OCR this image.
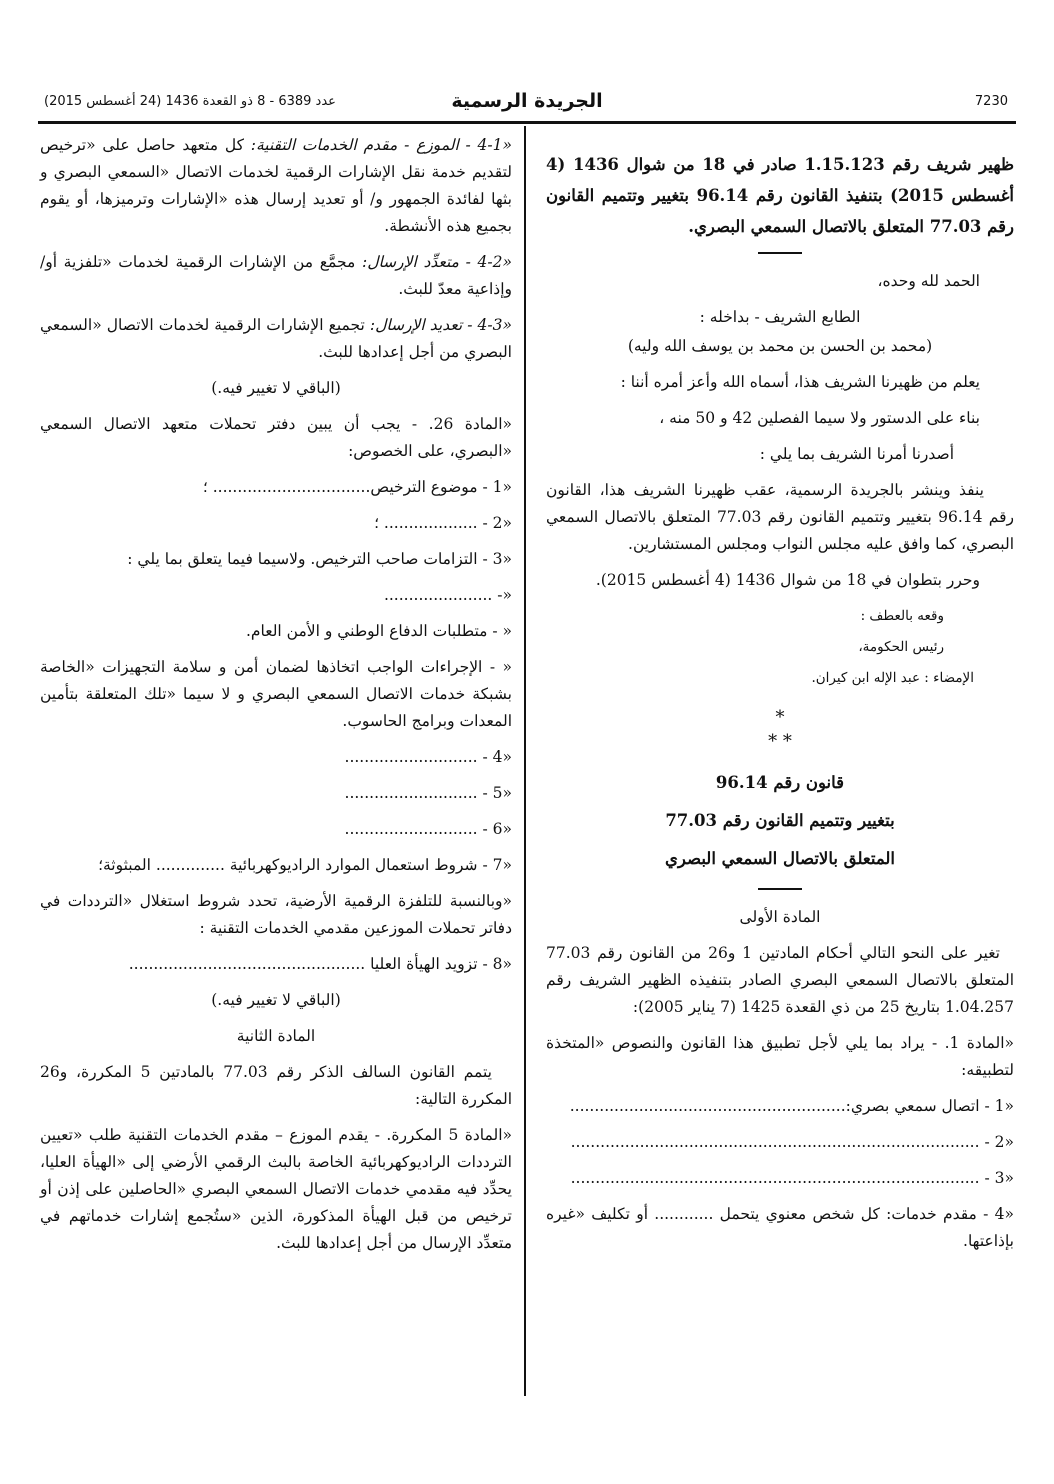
عدد 6389 - 8 ذو القعدة 1436 (24 أغسطس 2015)	الجريدة الرسمية	7230

ظهير شريف رقم 1.15.123 صادر في 18 من شوال 1436 (4 أغسطس 2015) بتنفيذ القانون رقم 96.14 بتغيير وتتميم القانون رقم 77.03 المتعلق بالاتصال السمعي البصري.

الحمد لله وحده،

الطابع الشريف - بداخله :

(محمد بن الحسن بن محمد بن يوسف الله وليه)

يعلم من ظهيرنا الشريف هذا، أسماه الله وأعز أمره أننا :

بناء على الدستور ولا سيما الفصلين 42 و 50 منه ،

أصدرنا أمرنا الشريف بما يلي :

ينفذ وينشر بالجريدة الرسمية، عقب ظهيرنا الشريف هذا، القانون رقم 96.14 بتغيير وتتميم القانون رقم 77.03 المتعلق بالاتصال السمعي البصري، كما وافق عليه مجلس النواب ومجلس المستشارين.

وحرر بتطوان في 18 من شوال 1436 (4 أغسطس 2015).

وقعه بالعطف :

رئيس الحكومة،

الإمضاء : عبد الإله ابن كيران.

*
* *
قانون رقم 96.14
بتغيير وتتميم القانون رقم 77.03
المتعلق بالاتصال السمعي البصري

المادة الأولى

تغير على النحو التالي أحكام المادتين 1 و26 من القانون رقم 77.03 المتعلق بالاتصال السمعي البصري الصادر بتنفيذه الظهير الشريف رقم 1.04.257 بتاريخ 25 من ذي القعدة 1425 (7 يناير 2005):

«المادة 1. - يراد بما يلي لأجل تطبيق هذا القانون والنصوص «المتخذة لتطبيقه:

«1 - اتصال سمعي بصري:........................................................

«2 - ...................................................................................

«3 - ...................................................................................

«4 - مقدم خدمات: كل شخص معنوي يتحمل ............ أو تكليف «غيره بإذاعتها.

«4-1 - الموزع - مقدم الخدمات التقنية: كل متعهد حاصل على «ترخيص لتقديم خدمة نقل الإشارات الرقمية لخدمات الاتصال «السمعي البصري و بثها لفائدة الجمهور و/ أو تعديد إرسال هذه «الإشارات وترميزها، أو يقوم بجميع هذه الأنشطة.

«4-2 - متعدِّد الإرسال: مجمَّع من الإشارات الرقمية لخدمات «تلفزية أو/ وإذاعية معدّ للبث.

«4-3 - تعديد الإرسال: تجميع الإشارات الرقمية لخدمات الاتصال «السمعي البصري من أجل إعدادها للبث.

(الباقي لا تغيير فيه.)

«المادة 26. - يجب أن يبين دفتر تحملات متعهد الاتصال السمعي «البصري، على الخصوص:

«1 - موضوع الترخيص................................ ؛

«2 - ................... ؛

«3 - التزامات صاحب الترخيص. ولاسيما فيما يتعلق بما يلي :

«- ......................

« - متطلبات الدفاع الوطني و الأمن العام.

« - الإجراءات الواجب اتخاذها لضمان أمن و سلامة التجهيزات «الخاصة بشبكة خدمات الاتصال السمعي البصري و لا سيما «تلك المتعلقة بتأمين المعدات وبرامج الحاسوب.

«4 - ...........................

«5 - ...........................

«6 - ...........................

«7 - شروط استعمال الموارد الراديوكهربائية .............. المبثوثة؛

«وبالنسبة للتلفزة الرقمية الأرضية، تحدد شروط استغلال «الترددات في دفاتر تحملات الموزعين مقدمي الخدمات التقنية :

«8 - تزويد الهيأة العليا ................................................

(الباقي لا تغيير فيه.)

المادة الثانية

يتمم القانون السالف الذكر رقم 77.03 بالمادتين 5 المكررة، و26 المكررة التالية:

«المادة 5 المكررة. - يقدم الموزع – مقدم الخدمات التقنية طلب «تعيين الترددات الراديوكهربائية الخاصة بالبث الرقمي الأرضي إلى «الهيأة العليا، يحدِّد فيه مقدمي خدمات الاتصال السمعي البصري «الحاصلين على إذن أو ترخيص من قبل الهيأة المذكورة، الذين «ستُجمع إشارات خدماتهم في متعدِّد الإرسال من أجل إعدادها للبث.
